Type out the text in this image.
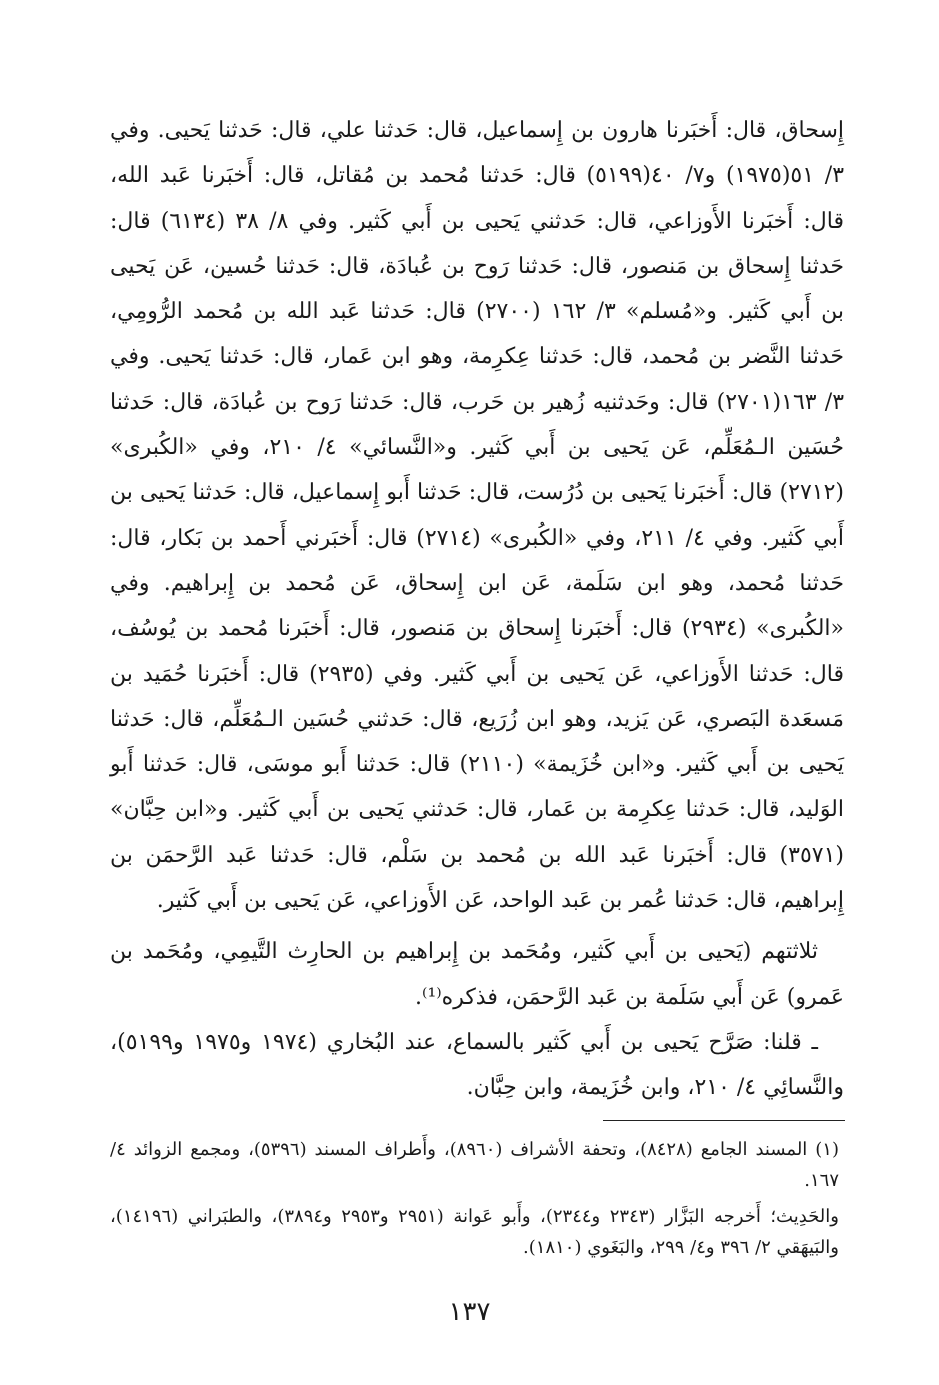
إِسحاق، قال: أَخبَرنا هارون بن إِسماعيل، قال: حَدثنا علي، قال: حَدثنا يَحيى. وفي ٣/ ٥١(١٩٧٥) و٧/ ٤٠(٥١٩٩) قال: حَدثنا مُحمد بن مُقاتل، قال: أَخبَرنا عَبد الله، قال: أَخبَرنا الأَوزاعي، قال: حَدثني يَحيى بن أَبي كَثير. وفي ٨/ ٣٨ (٦١٣٤) قال: حَدثنا إِسحاق بن مَنصور، قال: حَدثنا رَوح بن عُبادَة، قال: حَدثنا حُسين، عَن يَحيى بن أَبي كَثير. و«مُسلم» ٣/ ١٦٢ (٢٧٠٠) قال: حَدثنا عَبد الله بن مُحمد الرُّومِي، حَدثنا النَّضر بن مُحمد، قال: حَدثنا عِكرِمة، وهو ابن عَمار، قال: حَدثنا يَحيى. وفي ٣/ ١٦٣(٢٧٠١) قال: وحَدثنيه زُهير بن حَرب، قال: حَدثنا رَوح بن عُبادَة، قال: حَدثنا حُسَين الـمُعَلِّم، عَن يَحيى بن أَبي كَثير. و«النَّسائي» ٤/ ٢١٠، وفي «الكُبرى» (٢٧١٢) قال: أَخبَرنا يَحيى بن دُرُست، قال: حَدثنا أَبو إِسماعيل، قال: حَدثنا يَحيى بن أَبي كَثير. وفي ٤/ ٢١١، وفي «الكُبرى» (٢٧١٤) قال: أَخبَرني أَحمد بن بَكار، قال: حَدثنا مُحمد، وهو ابن سَلَمة، عَن ابن إِسحاق، عَن مُحمد بن إِبراهيم. وفي «الكُبرى» (٢٩٣٤) قال: أَخبَرنا إِسحاق بن مَنصور، قال: أَخبَرنا مُحمد بن يُوسُف، قال: حَدثنا الأَوزاعي، عَن يَحيى بن أَبي كَثير. وفي (٢٩٣٥) قال: أَخبَرنا حُمَيد بن مَسعَدة البَصري، عَن يَزيد، وهو ابن زُرَيع، قال: حَدثني حُسَين الـمُعَلِّم، قال: حَدثنا يَحيى بن أَبي كَثير. و«ابن خُزَيمة» (٢١١٠) قال: حَدثنا أَبو موسَى، قال: حَدثنا أَبو الوَليد، قال: حَدثنا عِكرِمة بن عَمار، قال: حَدثني يَحيى بن أَبي كَثير. و«ابن حِبَّان» (٣٥٧١) قال: أَخبَرنا عَبد الله بن مُحمد بن سَلْم، قال: حَدثنا عَبد الرَّحمَن بن إِبراهيم، قال: حَدثنا عُمر بن عَبد الواحد، عَن الأَوزاعي، عَن يَحيى بن أَبي كَثير.

ثلاثتهم (يَحيى بن أَبي كَثير، ومُحَمد بن إِبراهيم بن الحارِث التَّيمِي، ومُحَمد بن عَمرو) عَن أَبي سَلَمة بن عَبد الرَّحمَن، فذكره⁽¹⁾.

ـ قلنا: صَرَّح يَحيى بن أَبي كَثير بالسماع، عند البُخاري (١٩٧٤ و١٩٧٥ و٥١٩٩)، والنَّسائِي ٤/ ٢١٠، وابن خُزَيمة، وابن حِبَّان.

(١) المسند الجامع (٨٤٢٨)، وتحفة الأشراف (٨٩٦٠)، وأَطراف المسند (٥٣٩٦)، ومجمع الزوائد ٤/ ١٦٧.

والحَدِيث؛ أَخرجه البَزَّار (٢٣٤٣ و٢٣٤٤)، وأَبو عَوانة (٢٩٥١ و٢٩٥٣ و٣٨٩٤)، والطبَراني (١٤١٩٦)، والبَيهَقي ٢/ ٣٩٦ و٤/ ٢٩٩، والبَغَوي (١٨١٠).

١٣٧
